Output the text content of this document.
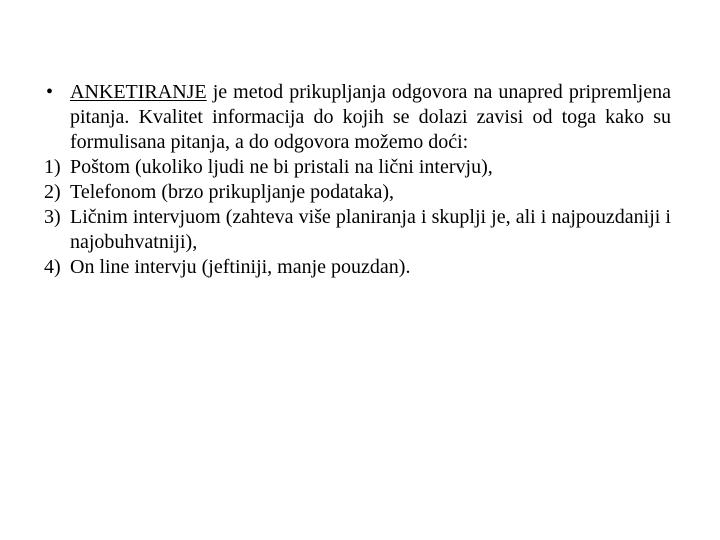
• ANKETIRANJE je metod prikupljanja odgovora na unapred pripremljena pitanja. Kvalitet informacija do kojih se dolazi zavisi od toga kako su formulisana pitanja, a do odgovora možemo doći:
1) Poštom (ukoliko ljudi ne bi pristali na lični intervju),
2) Telefonom (brzo prikupljanje podataka),
3) Ličnim intervjuom (zahteva više planiranja i skuplji je, ali i najpouzdaniji i najobuhvatniji),
4) On line intervju (jeftiniji, manje pouzdan).
